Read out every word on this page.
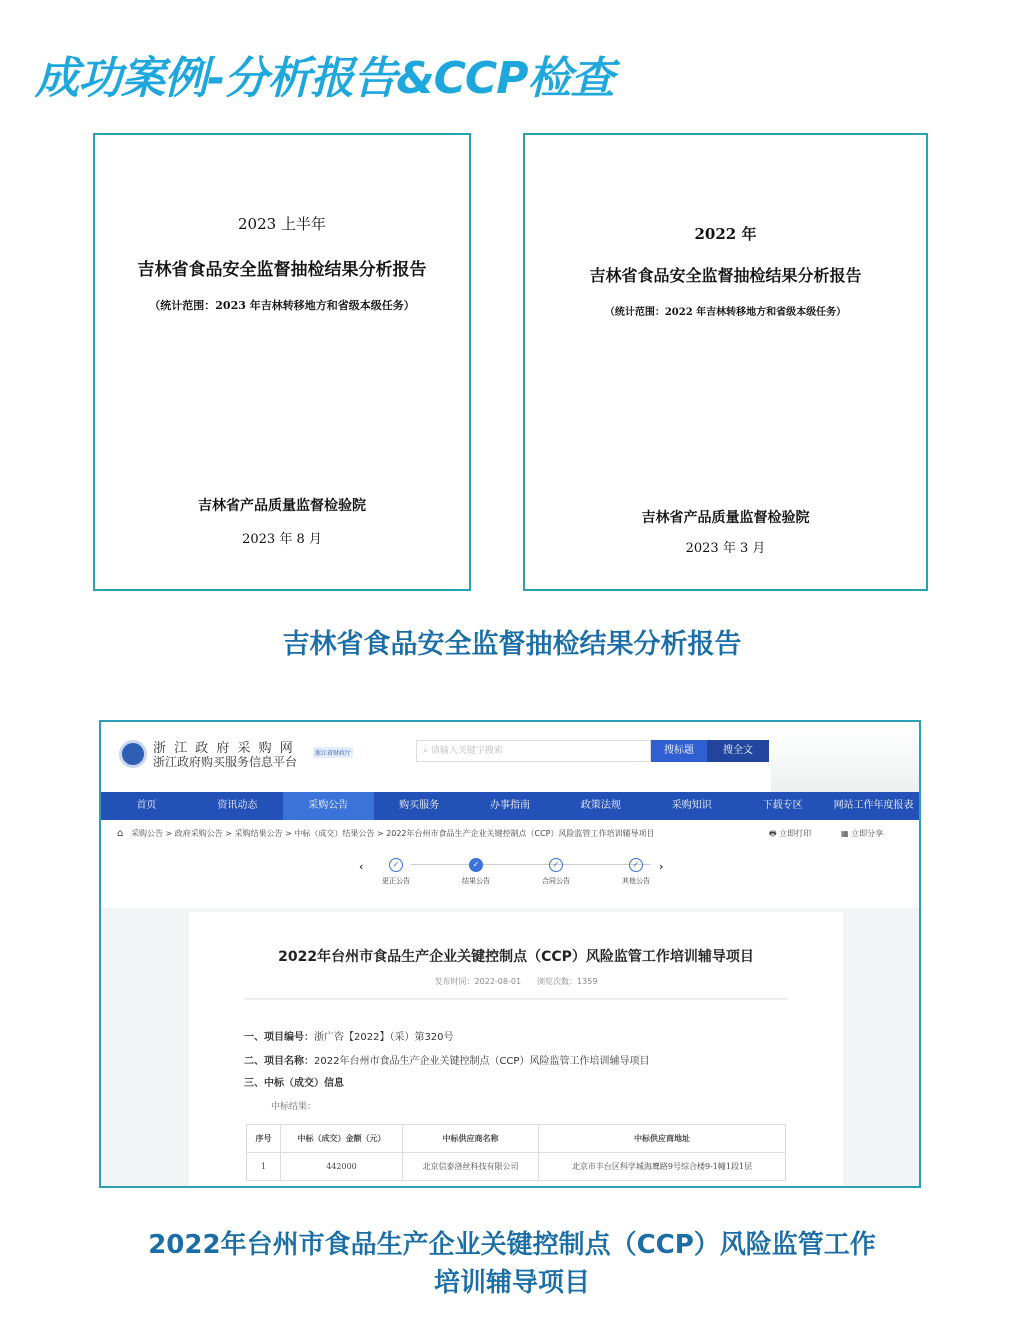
成功案例-分析报告&CCP检查
2023 上半年
吉林省食品安全监督抽检结果分析报告
（统计范围：2023 年吉林转移地方和省级本级任务）
吉林省产品质量监督检验院
2023 年 8 月
2022 年
吉林省食品安全监督抽检结果分析报告
（统计范围：2022 年吉林转移地方和省级本级任务）
吉林省产品质量监督检验院
2023 年 3 月
吉林省食品安全监督抽检结果分析报告
浙 江 政 府 采 购 网
浙江政府购买服务信息平台
浙江省财政厅	⌕ 请输入关键字搜索	搜标题	搜全文
首页	资讯动态	采购公告	购买服务	办事指南	政策法规	采购知识	下载专区	网站工作年度报表
⌂ 采购公告 > 政府采购公告 > 采购结果公告 > 中标（成交）结果公告 > 2022年台州市食品生产企业关键控制点（CCP）风险监管工作培训辅导项目	🖶 立即打印	▦ 立即分享
‹	✓
更正公告
✓
结果公告
✓
合同公告
✓
其他公告
›
2022年台州市食品生产企业关键控制点（CCP）风险监管工作培训辅导项目
发布时间：2022-08-01　　浏览次数：1359
一、项目编号：浙广咨【2022】（采）第320号
二、项目名称：2022年台州市食品生产企业关键控制点（CCP）风险监管工作培训辅导项目
三、中标（成交）信息
中标结果：
序号	中标（成交）金额（元）	中标供应商名称	中标供应商地址
1	442000	北京信泰洛丝科技有限公司	北京市丰台区科学城海鹰路9号综合楼9-1幢1段1层
2022年台州市食品生产企业关键控制点（CCP）风险监管工作
培训辅导项目
